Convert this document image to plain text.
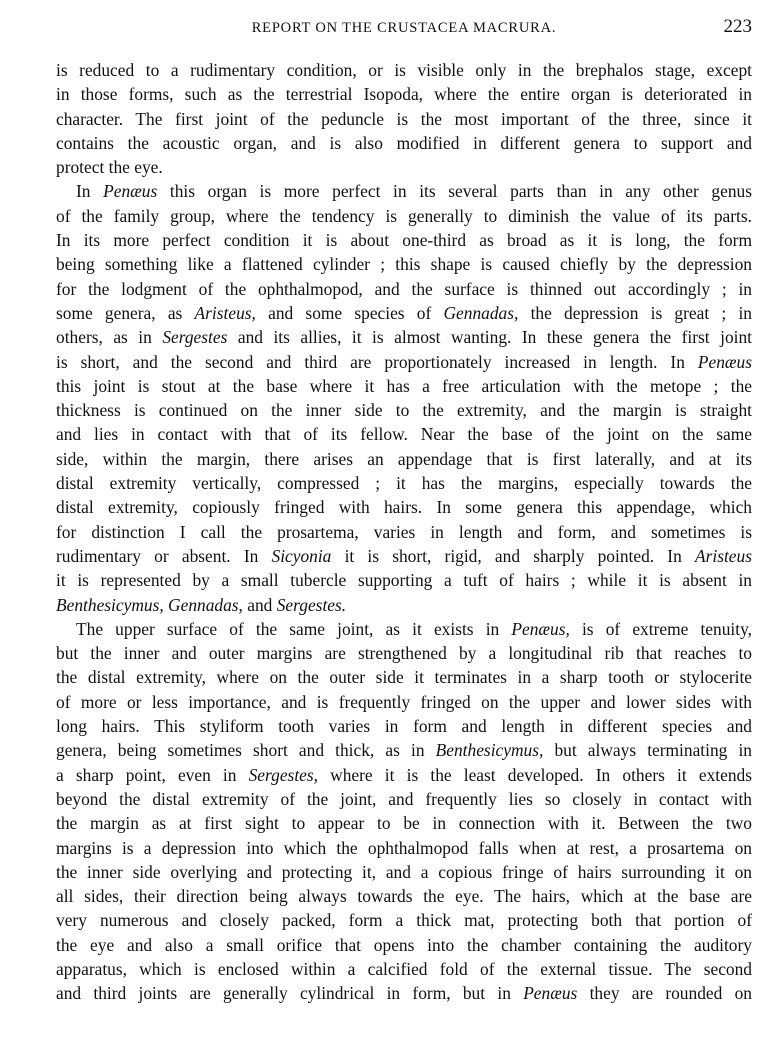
REPORT ON THE CRUSTACEA MACRURA.	223
is reduced to a rudimentary condition, or is visible only in the brephalos stage, except
in those forms, such as the terrestrial Isopoda, where the entire organ is deteriorated in
character. The first joint of the peduncle is the most important of the three, since it
contains the acoustic organ, and is also modified in different genera to support and
protect the eye.
In Penæus this organ is more perfect in its several parts than in any other genus
of the family group, where the tendency is generally to diminish the value of its parts.
In its more perfect condition it is about one-third as broad as it is long, the form
being something like a flattened cylinder ; this shape is caused chiefly by the depression
for the lodgment of the ophthalmopod, and the surface is thinned out accordingly ; in
some genera, as Aristeus, and some species of Gennadas, the depression is great ; in
others, as in Sergestes and its allies, it is almost wanting. In these genera the first joint
is short, and the second and third are proportionately increased in length. In Penæus
this joint is stout at the base where it has a free articulation with the metope ; the
thickness is continued on the inner side to the extremity, and the margin is straight
and lies in contact with that of its fellow. Near the base of the joint on the same
side, within the margin, there arises an appendage that is first laterally, and at its
distal extremity vertically, compressed ; it has the margins, especially towards the
distal extremity, copiously fringed with hairs. In some genera this appendage, which
for distinction I call the prosartema, varies in length and form, and sometimes is
rudimentary or absent. In Sicyonia it is short, rigid, and sharply pointed. In Aristeus
it is represented by a small tubercle supporting a tuft of hairs ; while it is absent in
Benthesicymus, Gennadas, and Sergestes.
The upper surface of the same joint, as it exists in Penæus, is of extreme tenuity,
but the inner and outer margins are strengthened by a longitudinal rib that reaches to
the distal extremity, where on the outer side it terminates in a sharp tooth or stylocerite
of more or less importance, and is frequently fringed on the upper and lower sides with
long hairs. This styliform tooth varies in form and length in different species and
genera, being sometimes short and thick, as in Benthesicymus, but always terminating in
a sharp point, even in Sergestes, where it is the least developed. In others it extends
beyond the distal extremity of the joint, and frequently lies so closely in contact with
the margin as at first sight to appear to be in connection with it. Between the two
margins is a depression into which the ophthalmopod falls when at rest, a prosartema on
the inner side overlying and protecting it, and a copious fringe of hairs surrounding it on
all sides, their direction being always towards the eye. The hairs, which at the base are
very numerous and closely packed, form a thick mat, protecting both that portion of
the eye and also a small orifice that opens into the chamber containing the auditory
apparatus, which is enclosed within a calcified fold of the external tissue. The second
and third joints are generally cylindrical in form, but in Penæus they are rounded on
